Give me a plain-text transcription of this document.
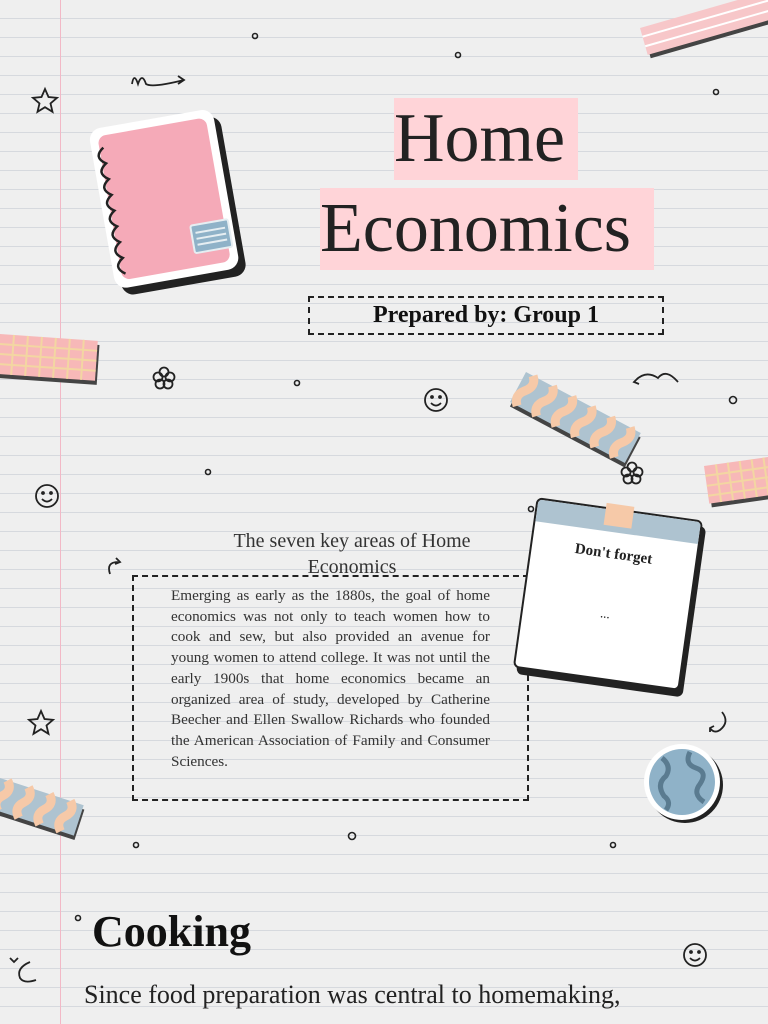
Home
Economics
Prepared by: Group 1
The seven key areas of Home Economics
Emerging as early as the 1880s, the goal of home economics was not only to teach women how to cook and sew, but also provided an avenue for young women to attend college. It was not until the early 1900s that home economics became an organized area of study, developed by Catherine Beecher and Ellen Swallow Richards who founded the American Association of Family and Consumer Sciences.
Don't forget
...
Cooking
Since food preparation was central to homemaking,
